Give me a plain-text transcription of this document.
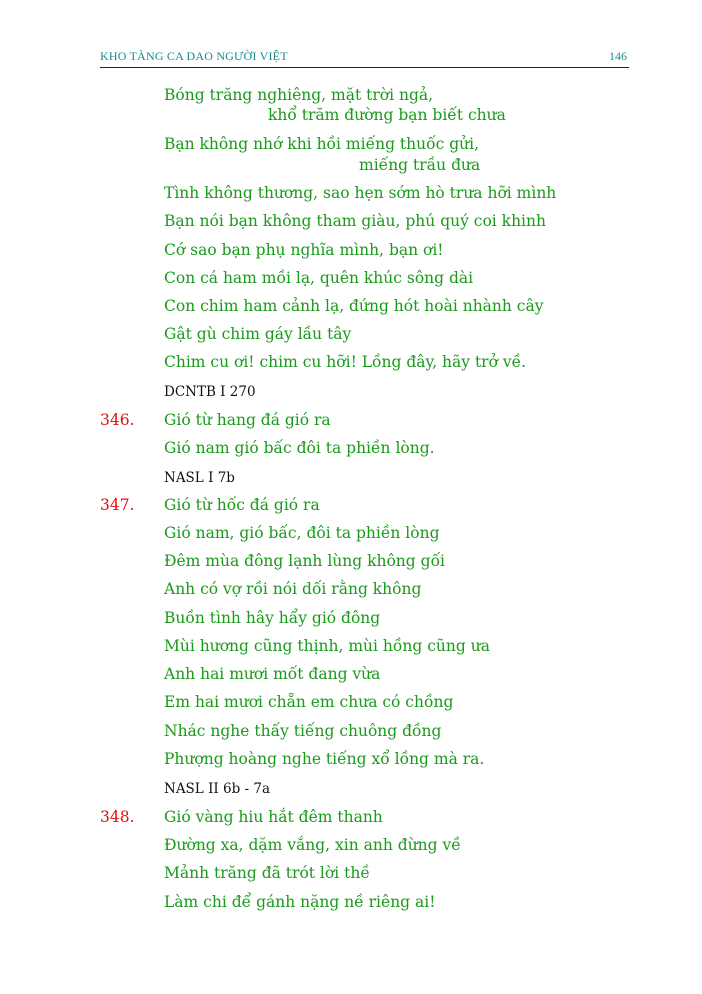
KHO TÀNG CA DAO NGƯỜI VIỆT	146
Bóng trăng nghiêng, mặt trời ngả,
khổ trăm đường bạn biết chưa
Bạn không nhớ khi hồi miếng thuốc gửi,
miếng trầu đưa
Tình không thương, sao hẹn sớm hò trưa hỡi mình
Bạn nói bạn không tham giàu, phú quý coi khinh
Cớ sao bạn phụ nghĩa mình, bạn ơi!
Con cá ham mồi lạ, quên khúc sông dài
Con chim ham cảnh lạ, đứng hót hoài nhành cây
Gật gù chim gáy lầu tây
Chim cu ơi! chim cu hỡi! Lồng đây, hãy trở về.
DCNTB I 270
346. Gió từ hang đá gió ra
Gió nam gió bấc đôi ta phiền lòng.
NASL I 7b
347. Gió từ hốc đá gió ra
Gió nam, gió bấc, đôi ta phiền lòng
Đêm mùa đông lạnh lùng không gối
Anh có vợ rồi nói dối rằng không
Buồn tình hây hẩy gió đông
Mùi hương cũng thịnh, mùi hồng cũng ưa
Anh hai mươi mốt đang vừa
Em hai mươi chẵn em chưa có chồng
Nhác nghe thấy tiếng chuông đồng
Phượng hoàng nghe tiếng xổ lồng mà ra.
NASL II 6b - 7a
348. Gió vàng hiu hắt đêm thanh
Đường xa, dặm vắng, xin anh đừng về
Mảnh trăng đã trót lời thề
Làm chi để gánh nặng nề riêng ai!
